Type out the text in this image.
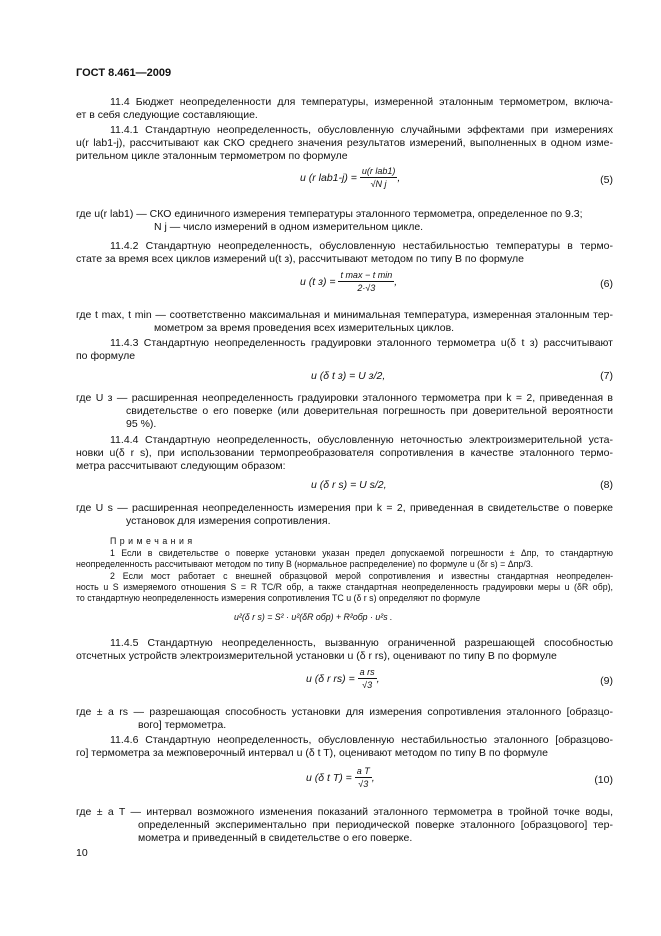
ГОСТ 8.461—2009
11.4 Бюджет неопределенности для температуры, измеренной эталонным термометром, включа-
ет в себя следующие составляющие.
11.4.1 Стандартную неопределенность, обусловленную случайными эффектами при измерениях
u(r lab1-j), рассчитывают как СКО среднего значения результатов измерений, выполненных в одном изме-
рительном цикле эталонным термометром по формуле
u (r $lab1-j) = \frac{\text{u(r lab1)}}{\text{√N j}}$ ,	(5)
где u(r lab1) — СКО единичного измерения температуры эталонного термометра, определенное по 9.3;
N j — число измерений в одном измерительном цикле.
11.4.2 Стандартную неопределенность, обусловленную нестабильностью температуры в термо-
стате за время всех циклов измерений u(t з), рассчитывают методом по типу В по формуле
u (t $з) = \frac{\text{t max − t min}}{2\cdot√3}$ ,	(6)
где t max, t min — соответственно максимальная и минимальная температура, измеренная эталонным тер-
мометром за время проведения всех измерительных циклов.
11.4.3 Стандартную неопределенность градуировки эталонного термометра u(δ t з) рассчитывают
по формуле
u (δ t з) = U з/2,	(7)
где U з — расширенная неопределенность градуировки эталонного термометра при k = 2, приведенная в
свидетельстве о его поверке (или доверительная погрешность при доверительной вероятности
95 %).
11.4.4 Стандартную неопределенность, обусловленную неточностью электроизмерительной уста-
новки u(δ r s), при использовании термопреобразователя сопротивления в качестве эталонного термо-
метра рассчитывают следующим образом:
u (δ r s) = U s/2,	(8)
где U s — расширенная неопределенность измерения при k = 2, приведенная в свидетельстве о поверке
установок для измерения сопротивления.
П р и м е ч а н и я
1 Если в свидетельстве о поверке установки указан предел допускаемой погрешности ± Δпр, то стандартную
неопределенность рассчитывают методом по типу В (нормальное распределение) по формуле u (δr s) = Δпр/3.
2 Если мост работает с внешней образцовой мерой сопротивления и известны стандартная неопределен-
ность u S измеряемого отношения S = R ТС/R обр, а также стандартная неопределенность градуировки меры u (δR обр),
то стандартную неопределенность измерения сопротивления ТС u (δ r s) определяют по формуле
u²(δ r s) = S² · u²(δR обр) + R²обр · u²s .
11.4.5 Стандартную неопределенность, вызванную ограниченной разрешающей способностью
отсчетных устройств электроизмерительной установки u (δ r rs), оценивают по типу В по формуле
u (δ r $rs) = \frac{\text{a rs}}{√3}$ ,	(9)
где ± a rs — разрешающая способность установки для измерения сопротивления эталонного [образцо-
вого] термометра.
11.4.6 Стандартную неопределенность, обусловленную нестабильностью эталонного [образцово-
го] термометра за межповерочный интервал u (δ t T), оценивают методом по типу В по формуле
u (δ t $T) = \frac{\text{a T}}{√3}$ ,	(10)
где ± a T — интервал возможного изменения показаний эталонного термометра в тройной точке воды,
определенный экспериментально при периодической поверке эталонного [образцового] тер-
мометра и приведенный в свидетельстве о его поверке.
10
